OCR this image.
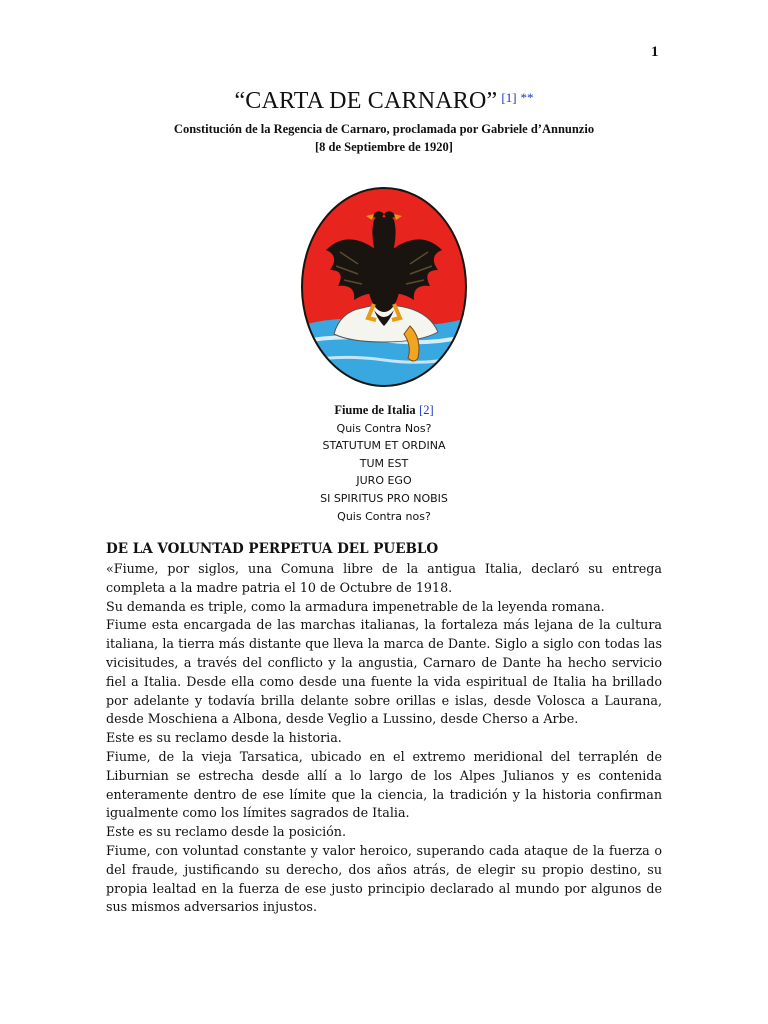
1
“CARTA DE CARNARO” [1] **
Constitución de la Regencia de Carnaro, proclamada por Gabriele d’Annunzio
[8 de Septiembre de 1920]
Fiume de Italia [2]
Quis Contra Nos?
STATUTUM ET ORDINA
TUM EST
JURO EGO
SI SPIRITUS PRO NOBIS
Quis Contra nos?
DE LA VOLUNTAD PERPETUA DEL PUEBLO

«Fiume, por siglos, una Comuna libre de la antigua Italia, declaró su entrega completa a la madre patria el 10 de Octubre de 1918.

Su demanda es triple, como la armadura impenetrable de la leyenda romana.

Fiume esta encargada de las marchas italianas, la fortaleza más lejana de la cultura italiana, la tierra más distante que lleva la marca de Dante. Siglo a siglo con todas las vicisitudes, a través del conflicto y la angustia, Carnaro de Dante ha hecho servicio fiel a Italia. Desde ella como desde una fuente la vida espiritual de Italia ha brillado por adelante y todavía brilla delante sobre orillas e islas, desde Volosca a Laurana, desde Moschiena a Albona, desde Veglio a Lussino, desde Cherso a Arbe.

Este es su reclamo desde la historia.

Fiume, de la vieja Tarsatica, ubicado en el extremo meridional del terraplén de Liburnian se estrecha desde allí a lo largo de los Alpes Julianos y es contenida enteramente dentro de ese límite que la ciencia, la tradición y la historia confirman igualmente como los límites sagrados de Italia.

Este es su reclamo desde la posición.

Fiume, con voluntad constante y valor heroico, superando cada ataque de la fuerza o del fraude, justificando su derecho, dos años atrás, de elegir su propio destino, su propia lealtad en la fuerza de ese justo principio declarado al mundo por algunos de sus mismos adversarios injustos.
